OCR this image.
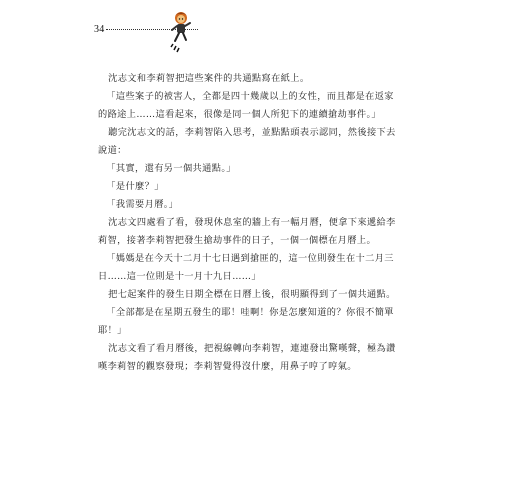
34

沈志文和李莉智把這些案件的共通點寫在紙上。

「這些案子的被害人，全都是四十幾歲以上的女性，而且都是在返家的路途上……這看起來，很像是同一個人所犯下的連續搶劫事件。」

聽完沈志文的話，李莉智陷入思考，並點點頭表示認同，然後接下去說道：

「其實，還有另一個共通點。」

「是什麼？」

「我需要月曆。」

沈志文四處看了看，發現休息室的牆上有一幅月曆，便拿下來遞給李莉智，接著李莉智把發生搶劫事件的日子，一個一個標在月曆上。

「媽媽是在今天十二月十七日遇到搶匪的，這一位則發生在十二月三日……這一位則是十一月十九日……」

把七起案件的發生日期全標在日曆上後，很明顯得到了一個共通點。

「全部都是在星期五發生的耶！哇啊！你是怎麼知道的？你很不簡單耶！」

沈志文看了看月曆後，把視線轉向李莉智，連連發出驚嘆聲，極為讚嘆李莉智的觀察發現；李莉智覺得沒什麼，用鼻子哼了哼氣。
